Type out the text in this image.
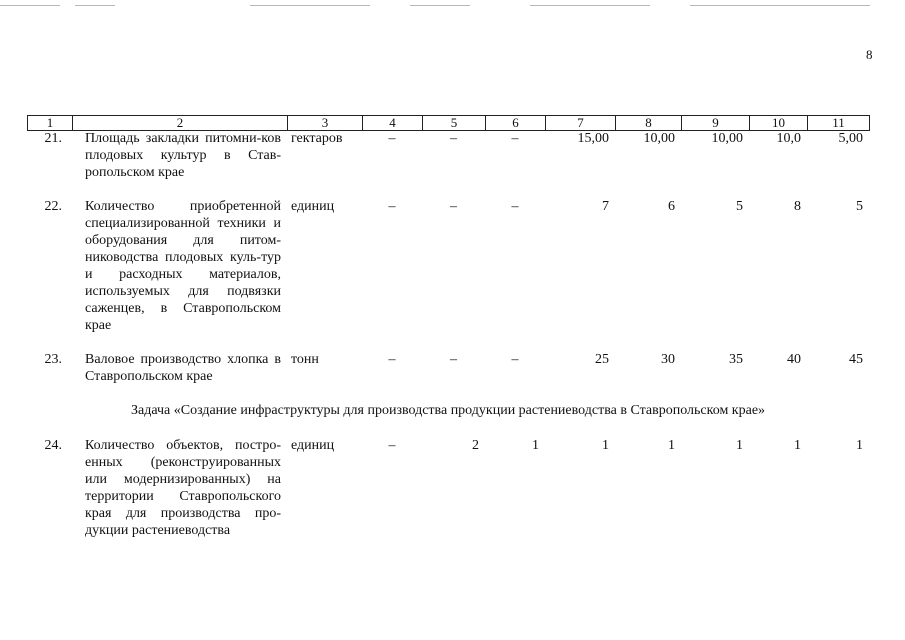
8
1	2	3	4	5	6	7	8	9	10	11
21.	Площадь закладки питомни-ков плодовых культур в Став-ропольском крае	гектаров	–	–	–	15,00	10,00	10,00	10,0	5,00

22.	Количество приобретенной специализированной техники и оборудования для питом-ниководства плодовых куль-тур и расходных материалов, используемых для подвязки саженцев, в Ставропольском крае	единиц	–	–	–	7	6	5	8	5

23.	Валовое производство хлопка в Ставропольском крае	тонн	–	–	–	25	30	35	40	45
Задача «Создание инфраструктуры для производства продукции растениеводства в Ставропольском крае»										
24.	Количество объектов, постро-енных (реконструированных или модернизированных) на территории Ставропольского края для производства про-дукции растениеводства	единиц	–	2	1	1	1	1	1	1
